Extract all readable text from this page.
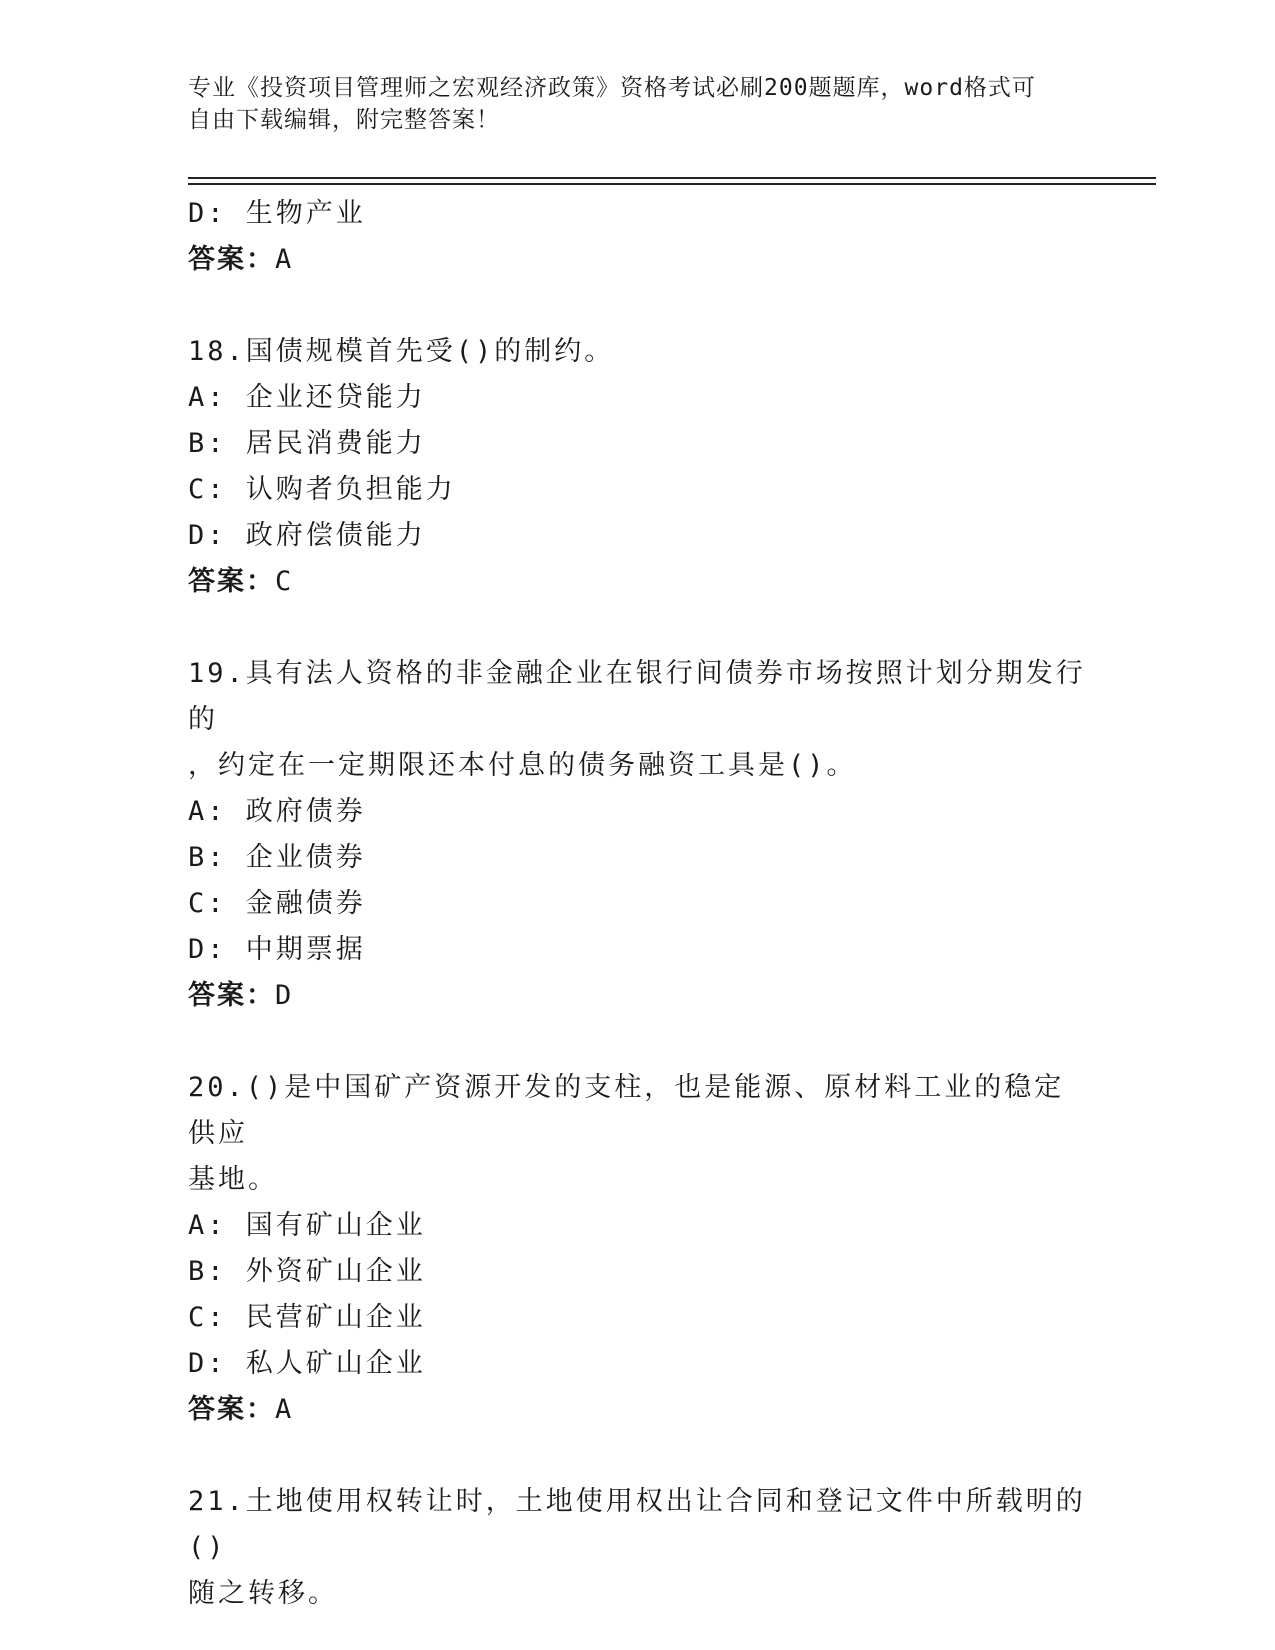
专业《投资项目管理师之宏观经济政策》资格考试必刷200题题库，word格式可
自由下载编辑，附完整答案！
D: 生物产业
答案：A
18.国债规模首先受()的制约。
A: 企业还贷能力
B: 居民消费能力
C: 认购者负担能力
D: 政府偿债能力
答案：C
19.具有法人资格的非金融企业在银行间债券市场按照计划分期发行的
，约定在一定期限还本付息的债务融资工具是()。
A: 政府债券
B: 企业债券
C: 金融债券
D: 中期票据
答案：D
20.()是中国矿产资源开发的支柱，也是能源、原材料工业的稳定供应
基地。
A: 国有矿山企业
B: 外资矿山企业
C: 民营矿山企业
D: 私人矿山企业
答案：A
21.土地使用权转让时，土地使用权出让合同和登记文件中所载明的()
随之转移。
